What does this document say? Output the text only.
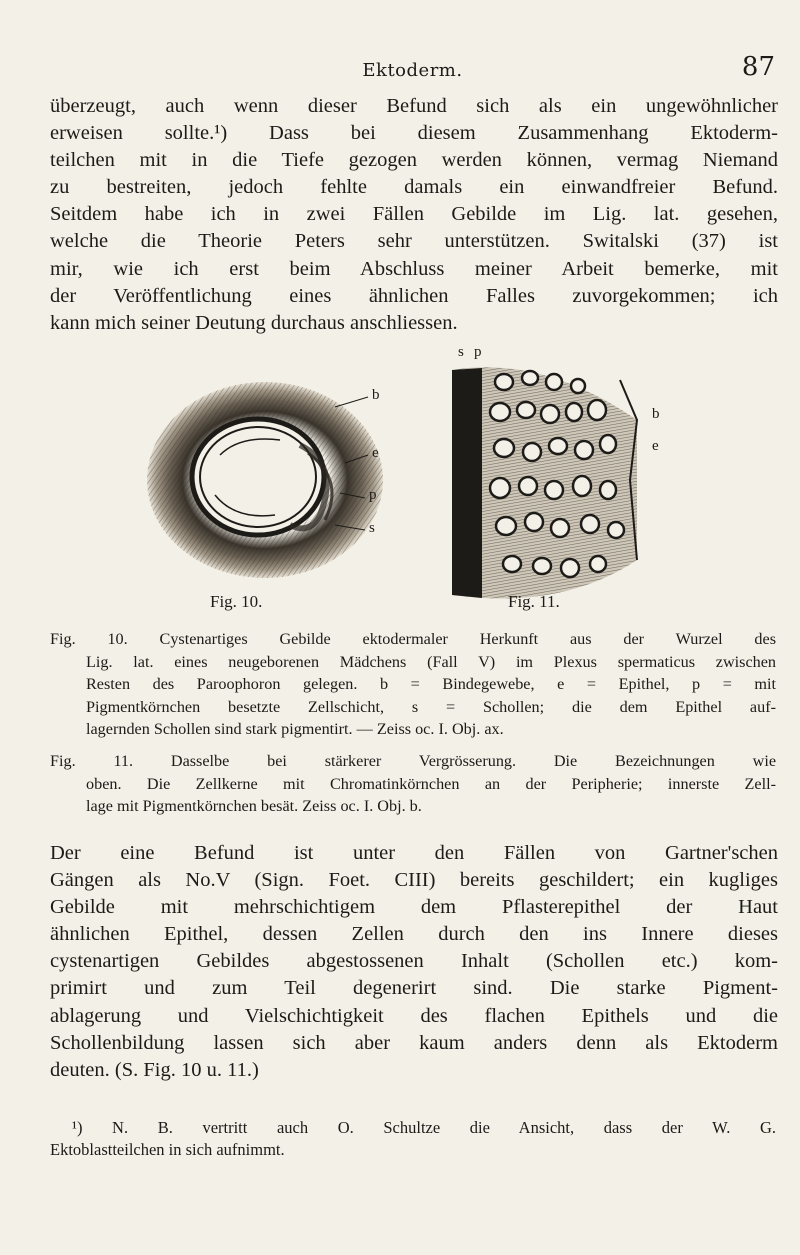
Ektoderm.	87
überzeugt, auch wenn dieser Befund sich als ein ungewöhnlicher
erweisen sollte.¹) Dass bei diesem Zusammenhang Ektoderm-
teilchen mit in die Tiefe gezogen werden können, vermag Niemand
zu bestreiten, jedoch fehlte damals ein einwandfreier Befund.
Seitdem habe ich in zwei Fällen Gebilde im Lig. lat. gesehen,
welche die Theorie Peters sehr unterstützen. Switalski (37) ist
mir, wie ich erst beim Abschluss meiner Arbeit bemerke, mit
der Veröffentlichung eines ähnlichen Falles zuvorgekommen; ich
kann mich seiner Deutung durchaus anschliessen.
b
e
p
s
Fig. 10.
s p
b
e
Fig. 11.
Fig. 10. Cystenartiges Gebilde ektodermaler Herkunft aus der Wurzel des
Lig. lat. eines neugeborenen Mädchens (Fall V) im Plexus spermaticus zwischen
Resten des Paroophoron gelegen. b = Bindegewebe, e = Epithel, p = mit
Pigmentkörnchen besetzte Zellschicht, s = Schollen; die dem Epithel auf-
lagernden Schollen sind stark pigmentirt. — Zeiss oc. I. Obj. ax.
Fig. 11. Dasselbe bei stärkerer Vergrösserung. Die Bezeichnungen wie
oben. Die Zellkerne mit Chromatinkörnchen an der Peripherie; innerste Zell-
lage mit Pigmentkörnchen besät. Zeiss oc. I. Obj. b.
Der eine Befund ist unter den Fällen von Gartner'schen
Gängen als No.V (Sign. Foet. CIII) bereits geschildert; ein kugliges
Gebilde mit mehrschichtigem dem Pflasterepithel der Haut
ähnlichen Epithel, dessen Zellen durch den ins Innere dieses
cystenartigen Gebildes abgestossenen Inhalt (Schollen etc.) kom-
primirt und zum Teil degenerirt sind. Die starke Pigment-
ablagerung und Vielschichtigkeit des flachen Epithels und die
Schollenbildung lassen sich aber kaum anders denn als Ektoderm
deuten. (S. Fig. 10 u. 11.)
¹) N. B. vertritt auch O. Schultze die Ansicht, dass der W. G.
Ektoblastteilchen in sich aufnimmt.
